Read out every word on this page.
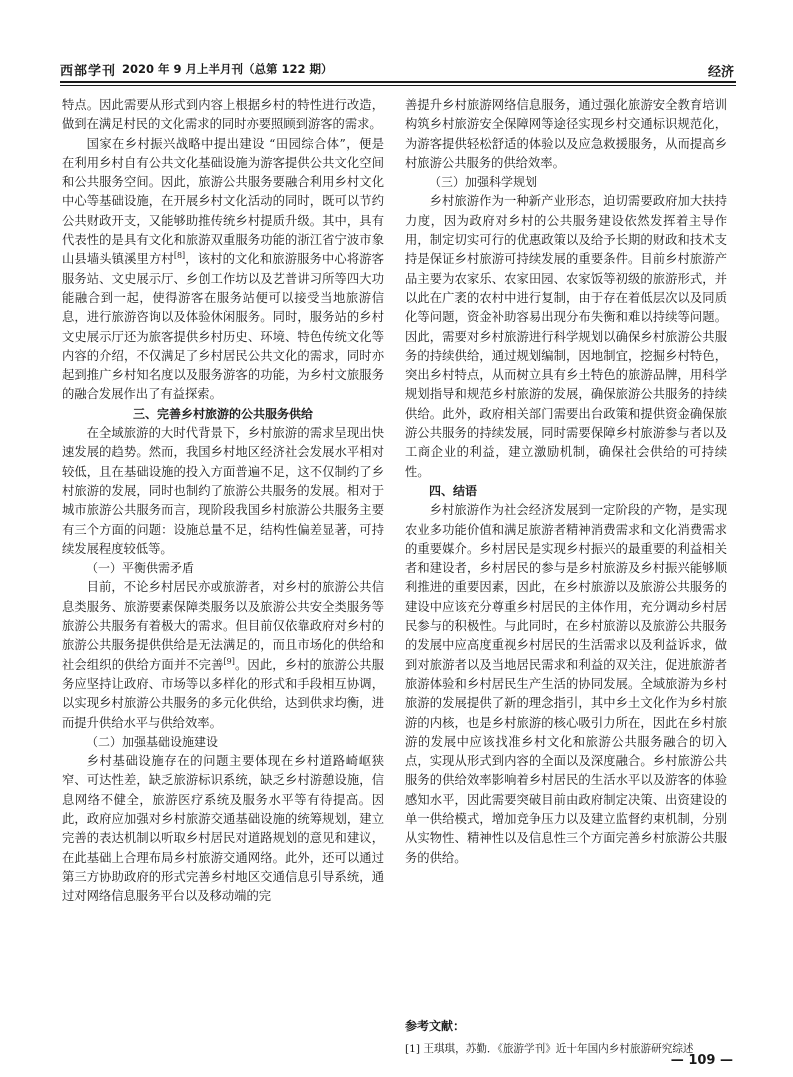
西部学刊 2020 年 9 月上半月刊（总第 122 期）	经济

特点。因此需要从形式到内容上根据乡村的特性进行改造，做到在满足村民的文化需求的同时亦要照顾到游客的需求。

国家在乡村振兴战略中提出建设 “田园综合体”，便是在利用乡村自有公共文化基础设施为游客提供公共文化空间和公共服务空间。因此，旅游公共服务要融合利用乡村文化中心等基础设施，在开展乡村文化活动的同时，既可以节约公共财政开支，又能够助推传统乡村提质升级。其中，具有代表性的是具有文化和旅游双重服务功能的浙江省宁波市象山县墙头镇溪里方村[8]，该村的文化和旅游服务中心将游客服务站、文史展示厅、乡创工作坊以及艺普讲习所等四大功能融合到一起，使得游客在服务站便可以接受当地旅游信息，进行旅游咨询以及体验休闲服务。同时，服务站的乡村文史展示厅还为旅客提供乡村历史、环境、特色传统文化等内容的介绍，不仅满足了乡村居民公共文化的需求，同时亦起到推广乡村知名度以及服务游客的功能，为乡村文旅服务的融合发展作出了有益探索。

三、完善乡村旅游的公共服务供给

在全域旅游的大时代背景下，乡村旅游的需求呈现出快速发展的趋势。然而，我国乡村地区经济社会发展水平相对较低，且在基础设施的投入方面普遍不足，这不仅制约了乡村旅游的发展，同时也制约了旅游公共服务的发展。相对于城市旅游公共服务而言，现阶段我国乡村旅游公共服务主要有三个方面的问题：设施总量不足，结构性偏差显著，可持续发展程度较低等。

（一）平衡供需矛盾

目前，不论乡村居民亦或旅游者，对乡村的旅游公共信息类服务、旅游要素保障类服务以及旅游公共安全类服务等旅游公共服务有着极大的需求。但目前仅依靠政府对乡村的旅游公共服务提供供给是无法满足的，而且市场化的供给和社会组织的供给方面并不完善[9]。因此，乡村的旅游公共服务应坚持让政府、市场等以多样化的形式和手段相互协调，以实现乡村旅游公共服务的多元化供给，达到供求均衡，进而提升供给水平与供给效率。

（二）加强基础设施建设

乡村基础设施存在的问题主要体现在乡村道路崎岖狭窄、可达性差，缺乏旅游标识系统，缺乏乡村游憩设施，信息网络不健全，旅游医疗系统及服务水平等有待提高。因此，政府应加强对乡村旅游交通基础设施的统筹规划，建立完善的表达机制以听取乡村居民对道路规划的意见和建议，在此基础上合理布局乡村旅游交通网络。此外，还可以通过第三方协助政府的形式完善乡村地区交通信息引导系统，通过对网络信息服务平台以及移动端的完

善提升乡村旅游网络信息服务，通过强化旅游安全教育培训构筑乡村旅游安全保障网等途径实现乡村交通标识规范化，为游客提供轻松舒适的体验以及应急救援服务，从而提高乡村旅游公共服务的供给效率。

（三）加强科学规划

乡村旅游作为一种新产业形态，迫切需要政府加大扶持力度，因为政府对乡村的公共服务建设依然发挥着主导作用，制定切实可行的优惠政策以及给予长期的财政和技术支持是保证乡村旅游可持续发展的重要条件。目前乡村旅游产品主要为农家乐、农家田园、农家饭等初级的旅游形式，并以此在广袤的农村中进行复制，由于存在着低层次以及同质化等问题，资金补助容易出现分布失衡和难以持续等问题。因此，需要对乡村旅游进行科学规划以确保乡村旅游公共服务的持续供给，通过规划编制，因地制宜，挖掘乡村特色，突出乡村特点，从而树立具有乡土特色的旅游品牌，用科学规划指导和规范乡村旅游的发展，确保旅游公共服务的持续供给。此外，政府相关部门需要出台政策和提供资金确保旅游公共服务的持续发展，同时需要保障乡村旅游参与者以及工商企业的利益，建立激励机制，确保社会供给的可持续性。

四、结语

乡村旅游作为社会经济发展到一定阶段的产物，是实现农业多功能价值和满足旅游者精神消费需求和文化消费需求的重要媒介。乡村居民是实现乡村振兴的最重要的利益相关者和建设者，乡村居民的参与是乡村旅游及乡村振兴能够顺利推进的重要因素，因此，在乡村旅游以及旅游公共服务的建设中应该充分尊重乡村居民的主体作用，充分调动乡村居民参与的积极性。与此同时，在乡村旅游以及旅游公共服务的发展中应高度重视乡村居民的生活需求以及利益诉求，做到对旅游者以及当地居民需求和利益的双关注，促进旅游者旅游体验和乡村居民生产生活的协同发展。全域旅游为乡村旅游的发展提供了新的理念指引，其中乡土文化作为乡村旅游的内核，也是乡村旅游的核心吸引力所在，因此在乡村旅游的发展中应该找准乡村文化和旅游公共服务融合的切入点，实现从形式到内容的全面以及深度融合。乡村旅游公共服务的供给效率影响着乡村居民的生活水平以及游客的体验感知水平，因此需要突破目前由政府制定决策、出资建设的单一供给模式，增加竞争压力以及建立监督约束机制，分别从实物性、精神性以及信息性三个方面完善乡村旅游公共服务的供给。

参考文献：
[1] 王琪琪，苏勤．《旅游学刊》近十年国内乡村旅游研究综述
— 109 —
